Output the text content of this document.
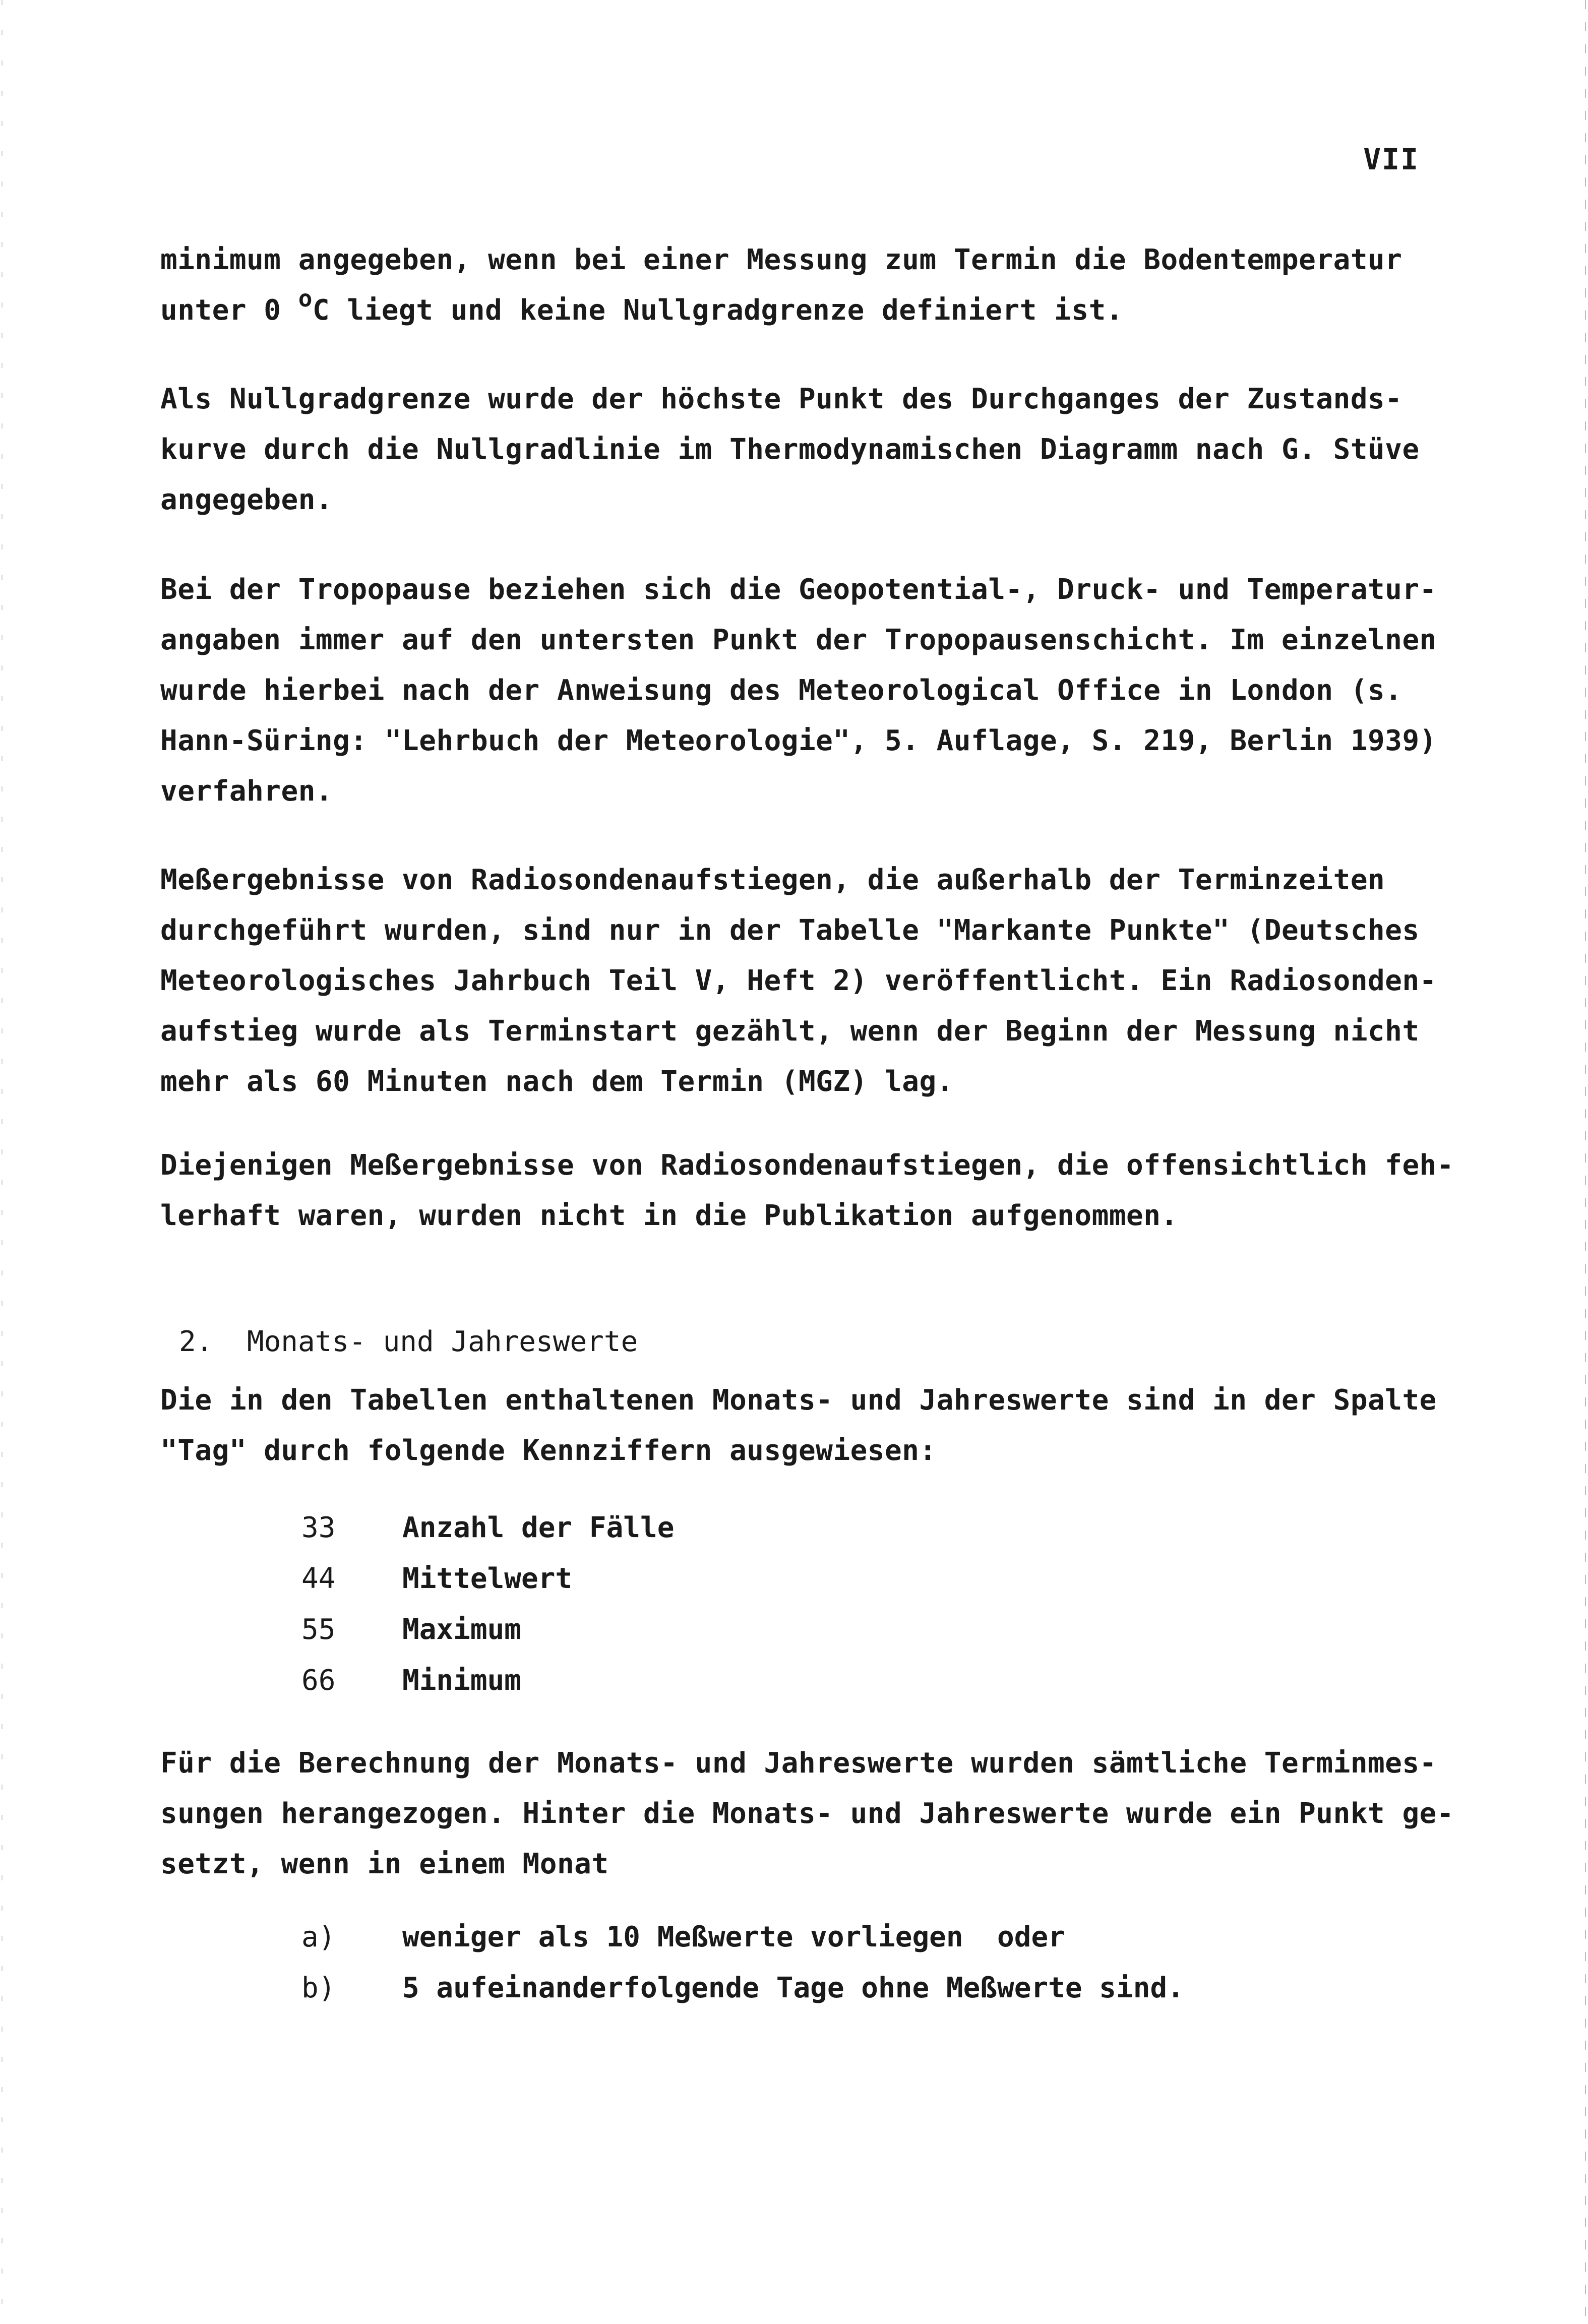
VII
minimum angegeben, wenn bei einer Messung zum Termin die Bodentemperatur
unter 0 $^o$C liegt und keine Nullgradgrenze definiert ist.
Als Nullgradgrenze wurde der höchste Punkt des Durchganges der Zustands-
kurve durch die Nullgradlinie im Thermodynamischen Diagramm nach G. Stüve
angegeben.
Bei der Tropopause beziehen sich die Geopotential-, Druck- und Temperatur-
angaben immer auf den untersten Punkt der Tropopausenschicht. Im einzelnen
wurde hierbei nach der Anweisung des Meteorological Office in London (s.
Hann-Süring: "Lehrbuch der Meteorologie", 5. Auflage, S. 219, Berlin 1939)
verfahren.
Meßergebnisse von Radiosondenaufstiegen, die außerhalb der Terminzeiten
durchgeführt wurden, sind nur in der Tabelle "Markante Punkte" (Deutsches
Meteorologisches Jahrbuch Teil V, Heft 2) veröffentlicht. Ein Radiosonden-
aufstieg wurde als Terminstart gezählt, wenn der Beginn der Messung nicht
mehr als 60 Minuten nach dem Termin (MGZ) lag.
Diejenigen Meßergebnisse von Radiosondenaufstiegen, die offensichtlich feh-
lerhaft waren, wurden nicht in die Publikation aufgenommen.
2.  Monats- und Jahreswerte
Die in den Tabellen enthaltenen Monats- und Jahreswerte sind in der Spalte
"Tag" durch folgende Kennziffern ausgewiesen:
33	Anzahl der Fälle
44	Mittelwert
55	Maximum
66	Minimum
Für die Berechnung der Monats- und Jahreswerte wurden sämtliche Terminmes-
sungen herangezogen. Hinter die Monats- und Jahreswerte wurde ein Punkt ge-
setzt, wenn in einem Monat
a)	weniger als 10 Meßwerte vorliegen  oder
b)	5 aufeinanderfolgende Tage ohne Meßwerte sind.
